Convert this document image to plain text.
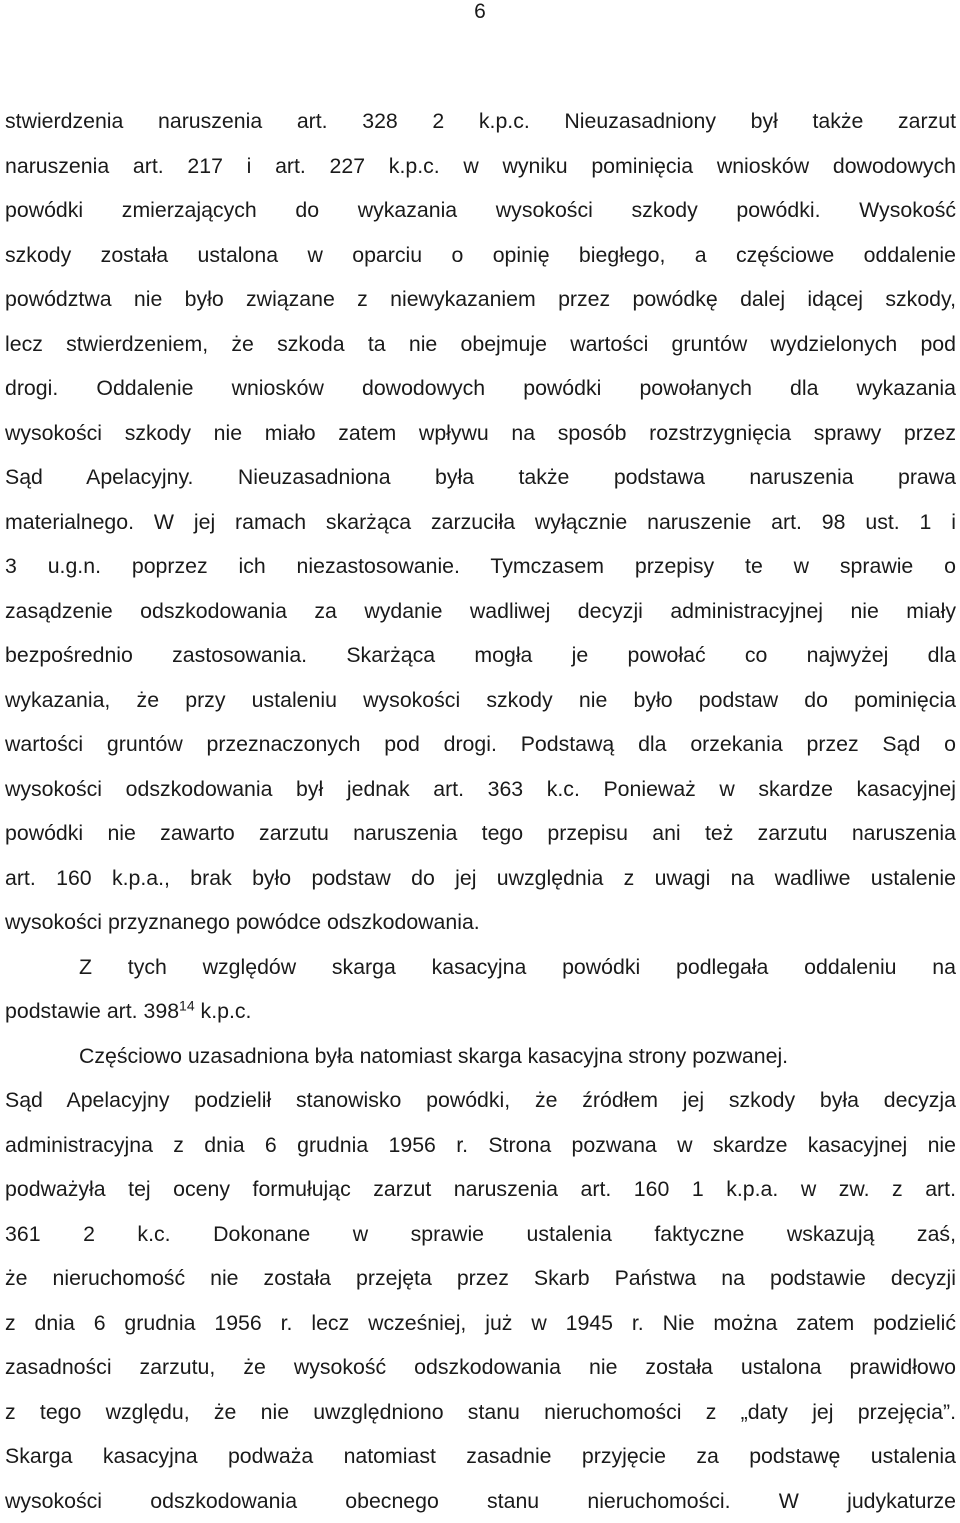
6
stwierdzenia naruszenia art. 328 2 k.p.c. Nieuzasadniony był także zarzut
naruszenia art. 217 i art. 227 k.p.c. w wyniku pominięcia wniosków dowodowych
powódki zmierzających do wykazania wysokości szkody powódki. Wysokość
szkody została ustalona w oparciu o opinię biegłego, a częściowe oddalenie
powództwa nie było związane z niewykazaniem przez powódkę dalej idącej szkody,
lecz stwierdzeniem, że szkoda ta nie obejmuje wartości gruntów wydzielonych pod
drogi. Oddalenie wniosków dowodowych powódki powołanych dla wykazania
wysokości szkody nie miało zatem wpływu na sposób rozstrzygnięcia sprawy przez
Sąd Apelacyjny. Nieuzasadniona była także podstawa naruszenia prawa
materialnego. W jej ramach skarżąca zarzuciła wyłącznie naruszenie art. 98 ust. 1 i
3 u.g.n. poprzez ich niezastosowanie. Tymczasem przepisy te w sprawie o
zasądzenie odszkodowania za wydanie wadliwej decyzji administracyjnej nie miały
bezpośrednio zastosowania. Skarżąca mogła je powołać co najwyżej dla
wykazania, że przy ustaleniu wysokości szkody nie było podstaw do pominięcia
wartości gruntów przeznaczonych pod drogi. Podstawą dla orzekania przez Sąd o
wysokości odszkodowania był jednak art. 363 k.c. Ponieważ w skardze kasacyjnej
powódki nie zawarto zarzutu naruszenia tego przepisu ani też zarzutu naruszenia
art. 160 k.p.a., brak było podstaw do jej uwzględnia z uwagi na wadliwe ustalenie
wysokości przyznanego powódce odszkodowania.
Z tych względów skarga kasacyjna powódki podlegała oddaleniu na
podstawie art. $398^{14}$ k.p.c.
Częściowo uzasadniona była natomiast skarga kasacyjna strony pozwanej.
Sąd Apelacyjny podzielił stanowisko powódki, że źródłem jej szkody była decyzja
administracyjna z dnia 6 grudnia 1956 r. Strona pozwana w skardze kasacyjnej nie
podważyła tej oceny formułując zarzut naruszenia art. 160 1 k.p.a. w zw. z art.
361 2 k.c. Dokonane w sprawie ustalenia faktyczne wskazują zaś,
że nieruchomość nie została przejęta przez Skarb Państwa na podstawie decyzji
z dnia 6 grudnia 1956 r. lecz wcześniej, już w 1945 r. Nie można zatem podzielić
zasadności zarzutu, że wysokość odszkodowania nie została ustalona prawidłowo
z tego względu, że nie uwzględniono stanu nieruchomości z „daty jej przejęcia”.
Skarga kasacyjna podważa natomiast zasadnie przyjęcie za podstawę ustalenia
wysokości odszkodowania obecnego stanu nieruchomości. W judykaturze
